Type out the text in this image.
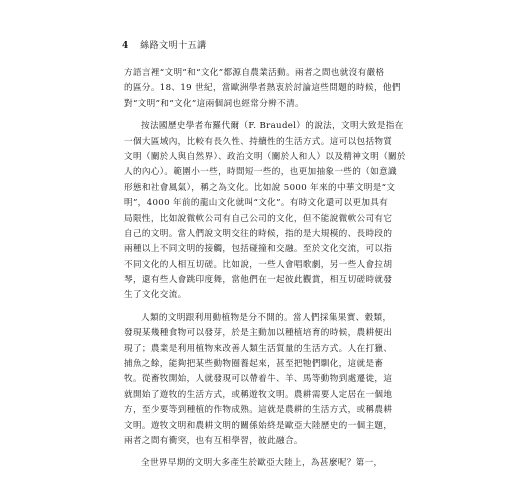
4 絲路文明十五講
方語言裡“文明”和“文化”都源自農業活動。兩者之間也就沒有嚴格
的區分。18、19 世紀，當歐洲學者熱衷於討論這些問題的時候，他們
對“文明”和“文化”這兩個詞也經常分辨不清。
按法國歷史學者布羅代爾（F. Braudel）的說法，文明大致是指在
一個大區域內，比較有長久性、持續性的生活方式。這可以包括物質
文明（關於人與自然界）、政治文明（關於人和人）以及精神文明（關於
人的內心）。範圍小一些，時間短一些的，也更加抽象一些的（如意識
形態和社會風氣），稱之為文化。比如說 5000 年來的中華文明是“文
明”，4000 年前的龍山文化就叫“文化”。有時文化還可以更加具有
局限性，比如說微軟公司有自己公司的文化，但不能說微軟公司有它
自己的文明。當人們說文明交往的時候，指的是大規模的、長時段的
兩種以上不同文明的接觸，包括碰撞和交融。至於文化交流，可以指
不同文化的人相互切磋。比如說，一些人會唱歌劇，另一些人會拉胡
琴，還有些人會跳印度舞，當他們在一起彼此觀賞，相互切磋時就發
生了文化交流。
人類的文明跟利用動植物是分不開的。當人們採集果實、穀類，
發現某幾種食物可以發芽，於是主動加以種植培育的時候，農耕便出
現了；農業是利用植物來改善人類生活質量的生活方式。人在打獵、
捕魚之餘，能夠把某些動物圈養起來，甚至把牠們馴化，這就是畜
牧。從畜牧開始，人就發現可以帶着牛、羊、馬等動物到處遷徙，這
就開始了遊牧的生活方式，或稱遊牧文明。農耕需要人定居在一個地
方，至少要等到種植的作物成熟。這就是農耕的生活方式，或稱農耕
文明。遊牧文明和農耕文明的關係始終是歐亞大陸歷史的一個主題，
兩者之間有衝突，也有互相學習，彼此融合。
全世界早期的文明大多產生於歐亞大陸上，為甚麼呢？第一，
